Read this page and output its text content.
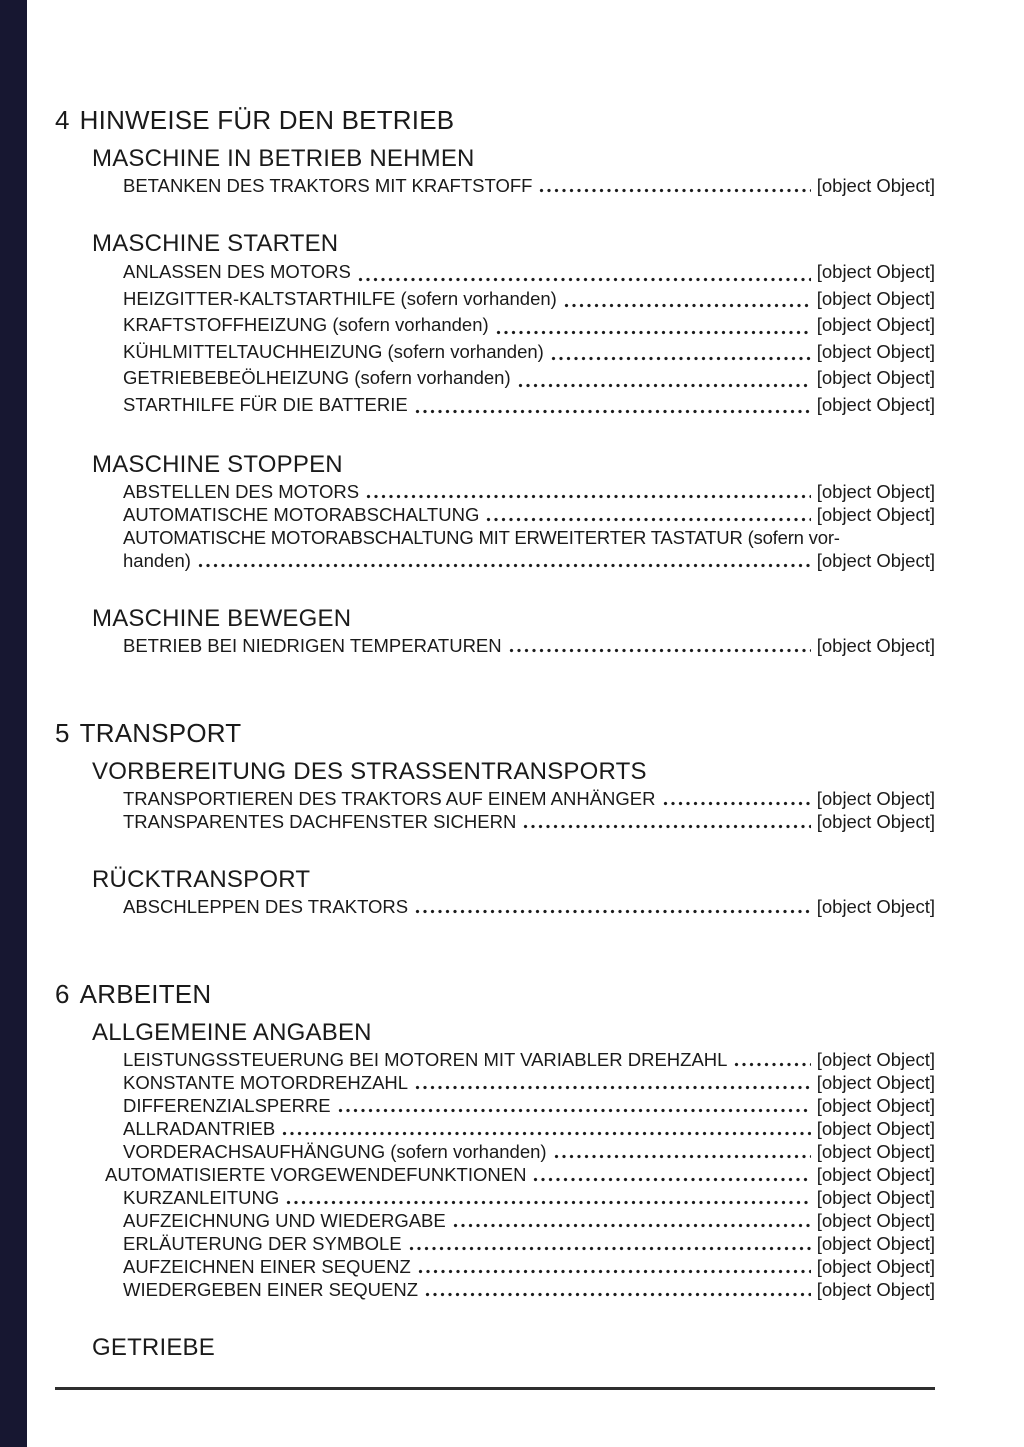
4 HINWEISE FÜR DEN BETRIEB
MASCHINE IN BETRIEB NEHMEN
BETANKEN DES TRAKTORS MIT KRAFTSTOFF	[object Object]
MASCHINE STARTEN
ANLASSEN DES MOTORS	[object Object]
HEIZGITTER-KALTSTARTHILFE (sofern vorhanden)	[object Object]
KRAFTSTOFFHEIZUNG (sofern vorhanden)	[object Object]
KÜHLMITTELTAUCHHEIZUNG (sofern vorhanden)	[object Object]
GETRIEBEBEÖLHEIZUNG (sofern vorhanden)	[object Object]
STARTHILFE FÜR DIE BATTERIE	[object Object]
MASCHINE STOPPEN
ABSTELLEN DES MOTORS	[object Object]
AUTOMATISCHE MOTORABSCHALTUNG	[object Object]
AUTOMATISCHE MOTORABSCHALTUNG MIT ERWEITERTER TASTATUR (sofern vor-
handen)	[object Object]
MASCHINE BEWEGEN
BETRIEB BEI NIEDRIGEN TEMPERATUREN	[object Object]
5 TRANSPORT
VORBEREITUNG DES STRASSENTRANSPORTS
TRANSPORTIEREN DES TRAKTORS AUF EINEM ANHÄNGER	[object Object]
TRANSPARENTES DACHFENSTER SICHERN	[object Object]
RÜCKTRANSPORT
ABSCHLEPPEN DES TRAKTORS	[object Object]
6 ARBEITEN
ALLGEMEINE ANGABEN
LEISTUNGSSTEUERUNG BEI MOTOREN MIT VARIABLER DREHZAHL	[object Object]
KONSTANTE MOTORDREHZAHL	[object Object]
DIFFERENZIALSPERRE	[object Object]
ALLRADANTRIEB	[object Object]
VORDERACHSAUFHÄNGUNG (sofern vorhanden)	[object Object]
AUTOMATISIERTE VORGEWENDEFUNKTIONEN	[object Object]
KURZANLEITUNG	[object Object]
AUFZEICHNUNG UND WIEDERGABE	[object Object]
ERLÄUTERUNG DER SYMBOLE	[object Object]
AUFZEICHNEN EINER SEQUENZ	[object Object]
WIEDERGEBEN EINER SEQUENZ	[object Object]
GETRIEBE
